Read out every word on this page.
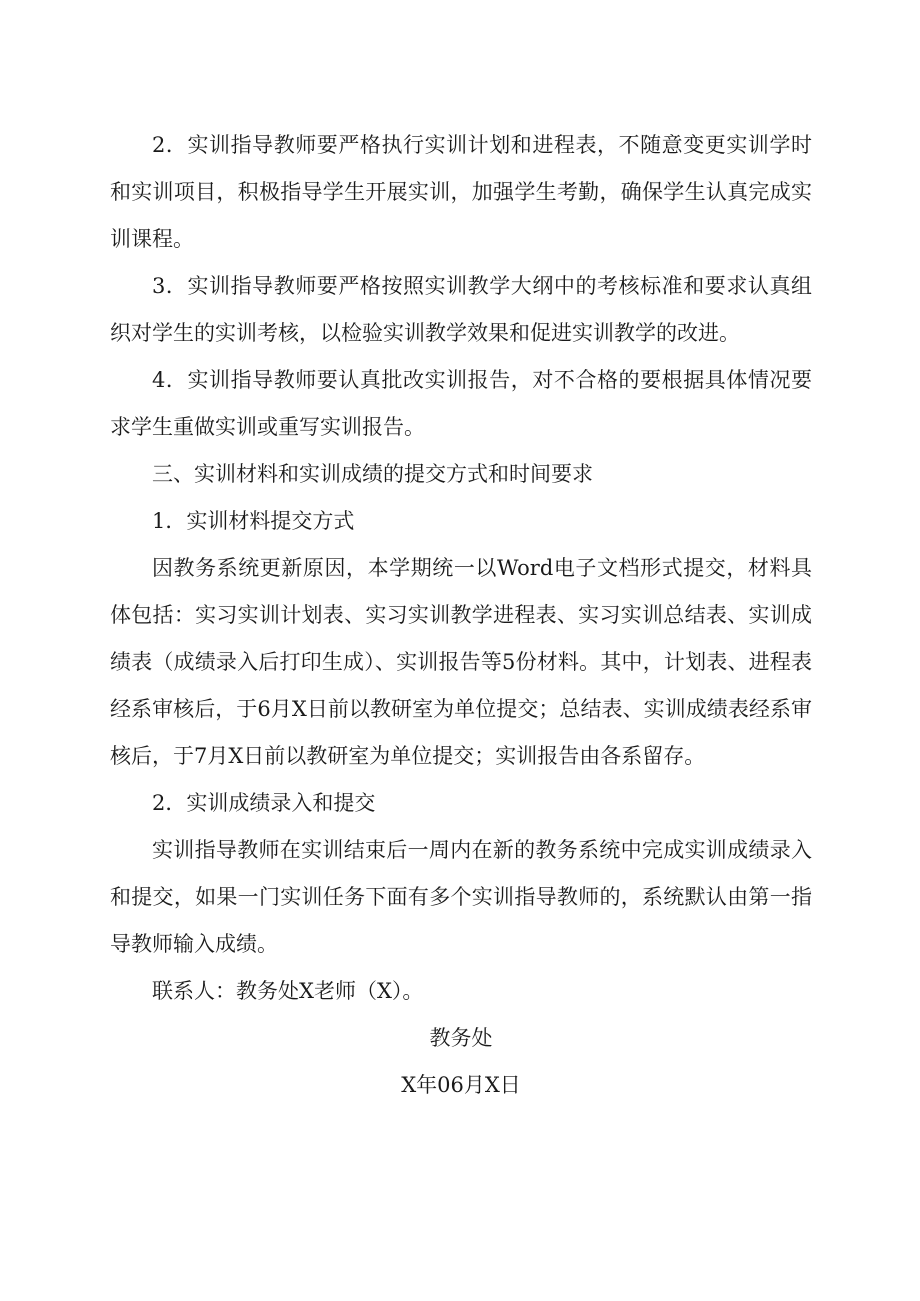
2．实训指导教师要严格执行实训计划和进程表，不随意变更实训学时和实训项目，积极指导学生开展实训，加强学生考勤，确保学生认真完成实训课程。

3．实训指导教师要严格按照实训教学大纲中的考核标准和要求认真组织对学生的实训考核，以检验实训教学效果和促进实训教学的改进。

4．实训指导教师要认真批改实训报告，对不合格的要根据具体情况要求学生重做实训或重写实训报告。

三、实训材料和实训成绩的提交方式和时间要求

1．实训材料提交方式

因教务系统更新原因，本学期统一以Word电子文档形式提交，材料具体包括：实习实训计划表、实习实训教学进程表、实习实训总结表、实训成绩表（成绩录入后打印生成）、实训报告等5份材料。其中，计划表、进程表经系审核后，于6月X日前以教研室为单位提交；总结表、实训成绩表经系审核后，于7月X日前以教研室为单位提交；实训报告由各系留存。

2．实训成绩录入和提交

实训指导教师在实训结束后一周内在新的教务系统中完成实训成绩录入和提交，如果一门实训任务下面有多个实训指导教师的，系统默认由第一指导教师输入成绩。

联系人：教务处X老师（X）。

教务处

X年06月X日
